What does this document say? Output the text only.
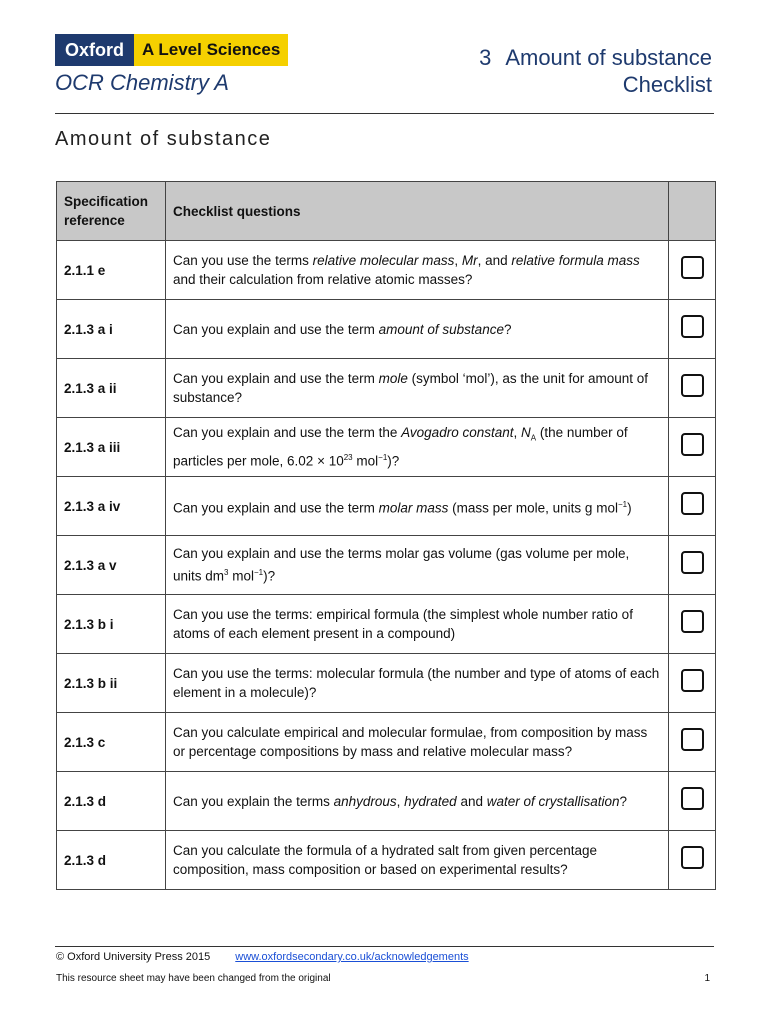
Oxford	A Level Sciences
OCR Chemistry A
3 Amount of substance
Checklist
Amount of substance
Specification reference	Checklist questions	
2.1.1 e	Can you use the terms relative molecular mass, Mr, and relative formula mass and their calculation from relative atomic masses?	
2.1.3 a i	Can you explain and use the term amount of substance?	
2.1.3 a ii	Can you explain and use the term mole (symbol ‘mol’), as the unit for amount of substance?	
2.1.3 a iii	Can you explain and use the term the Avogadro constant, $N_A$ (the number of particles per mole, $6.02 \times 10^{23}$ mol$^{-1}$)?	
2.1.3 a iv	Can you explain and use the term molar mass (mass per mole, units g mol$^{-1}$)	
2.1.3 a v	Can you explain and use the terms molar gas volume (gas volume per mole, units $dm^3$ mol$^{-1}$)?	
2.1.3 b i	Can you use the terms: empirical formula (the simplest whole number ratio of atoms of each element present in a compound)	
2.1.3 b ii	Can you use the terms: molecular formula (the number and type of atoms of each element in a molecule)?	
2.1.3 c	Can you calculate empirical and molecular formulae, from composition by mass or percentage compositions by mass and relative molecular mass?	
2.1.3 d	Can you explain the terms anhydrous, hydrated and water of crystallisation?	
2.1.3 d	Can you calculate the formula of a hydrated salt from given percentage composition, mass composition or based on experimental results?	
© Oxford University Press 2015 www.oxfordsecondary.co.uk/acknowledgements
This resource sheet may have been changed from the original	1
